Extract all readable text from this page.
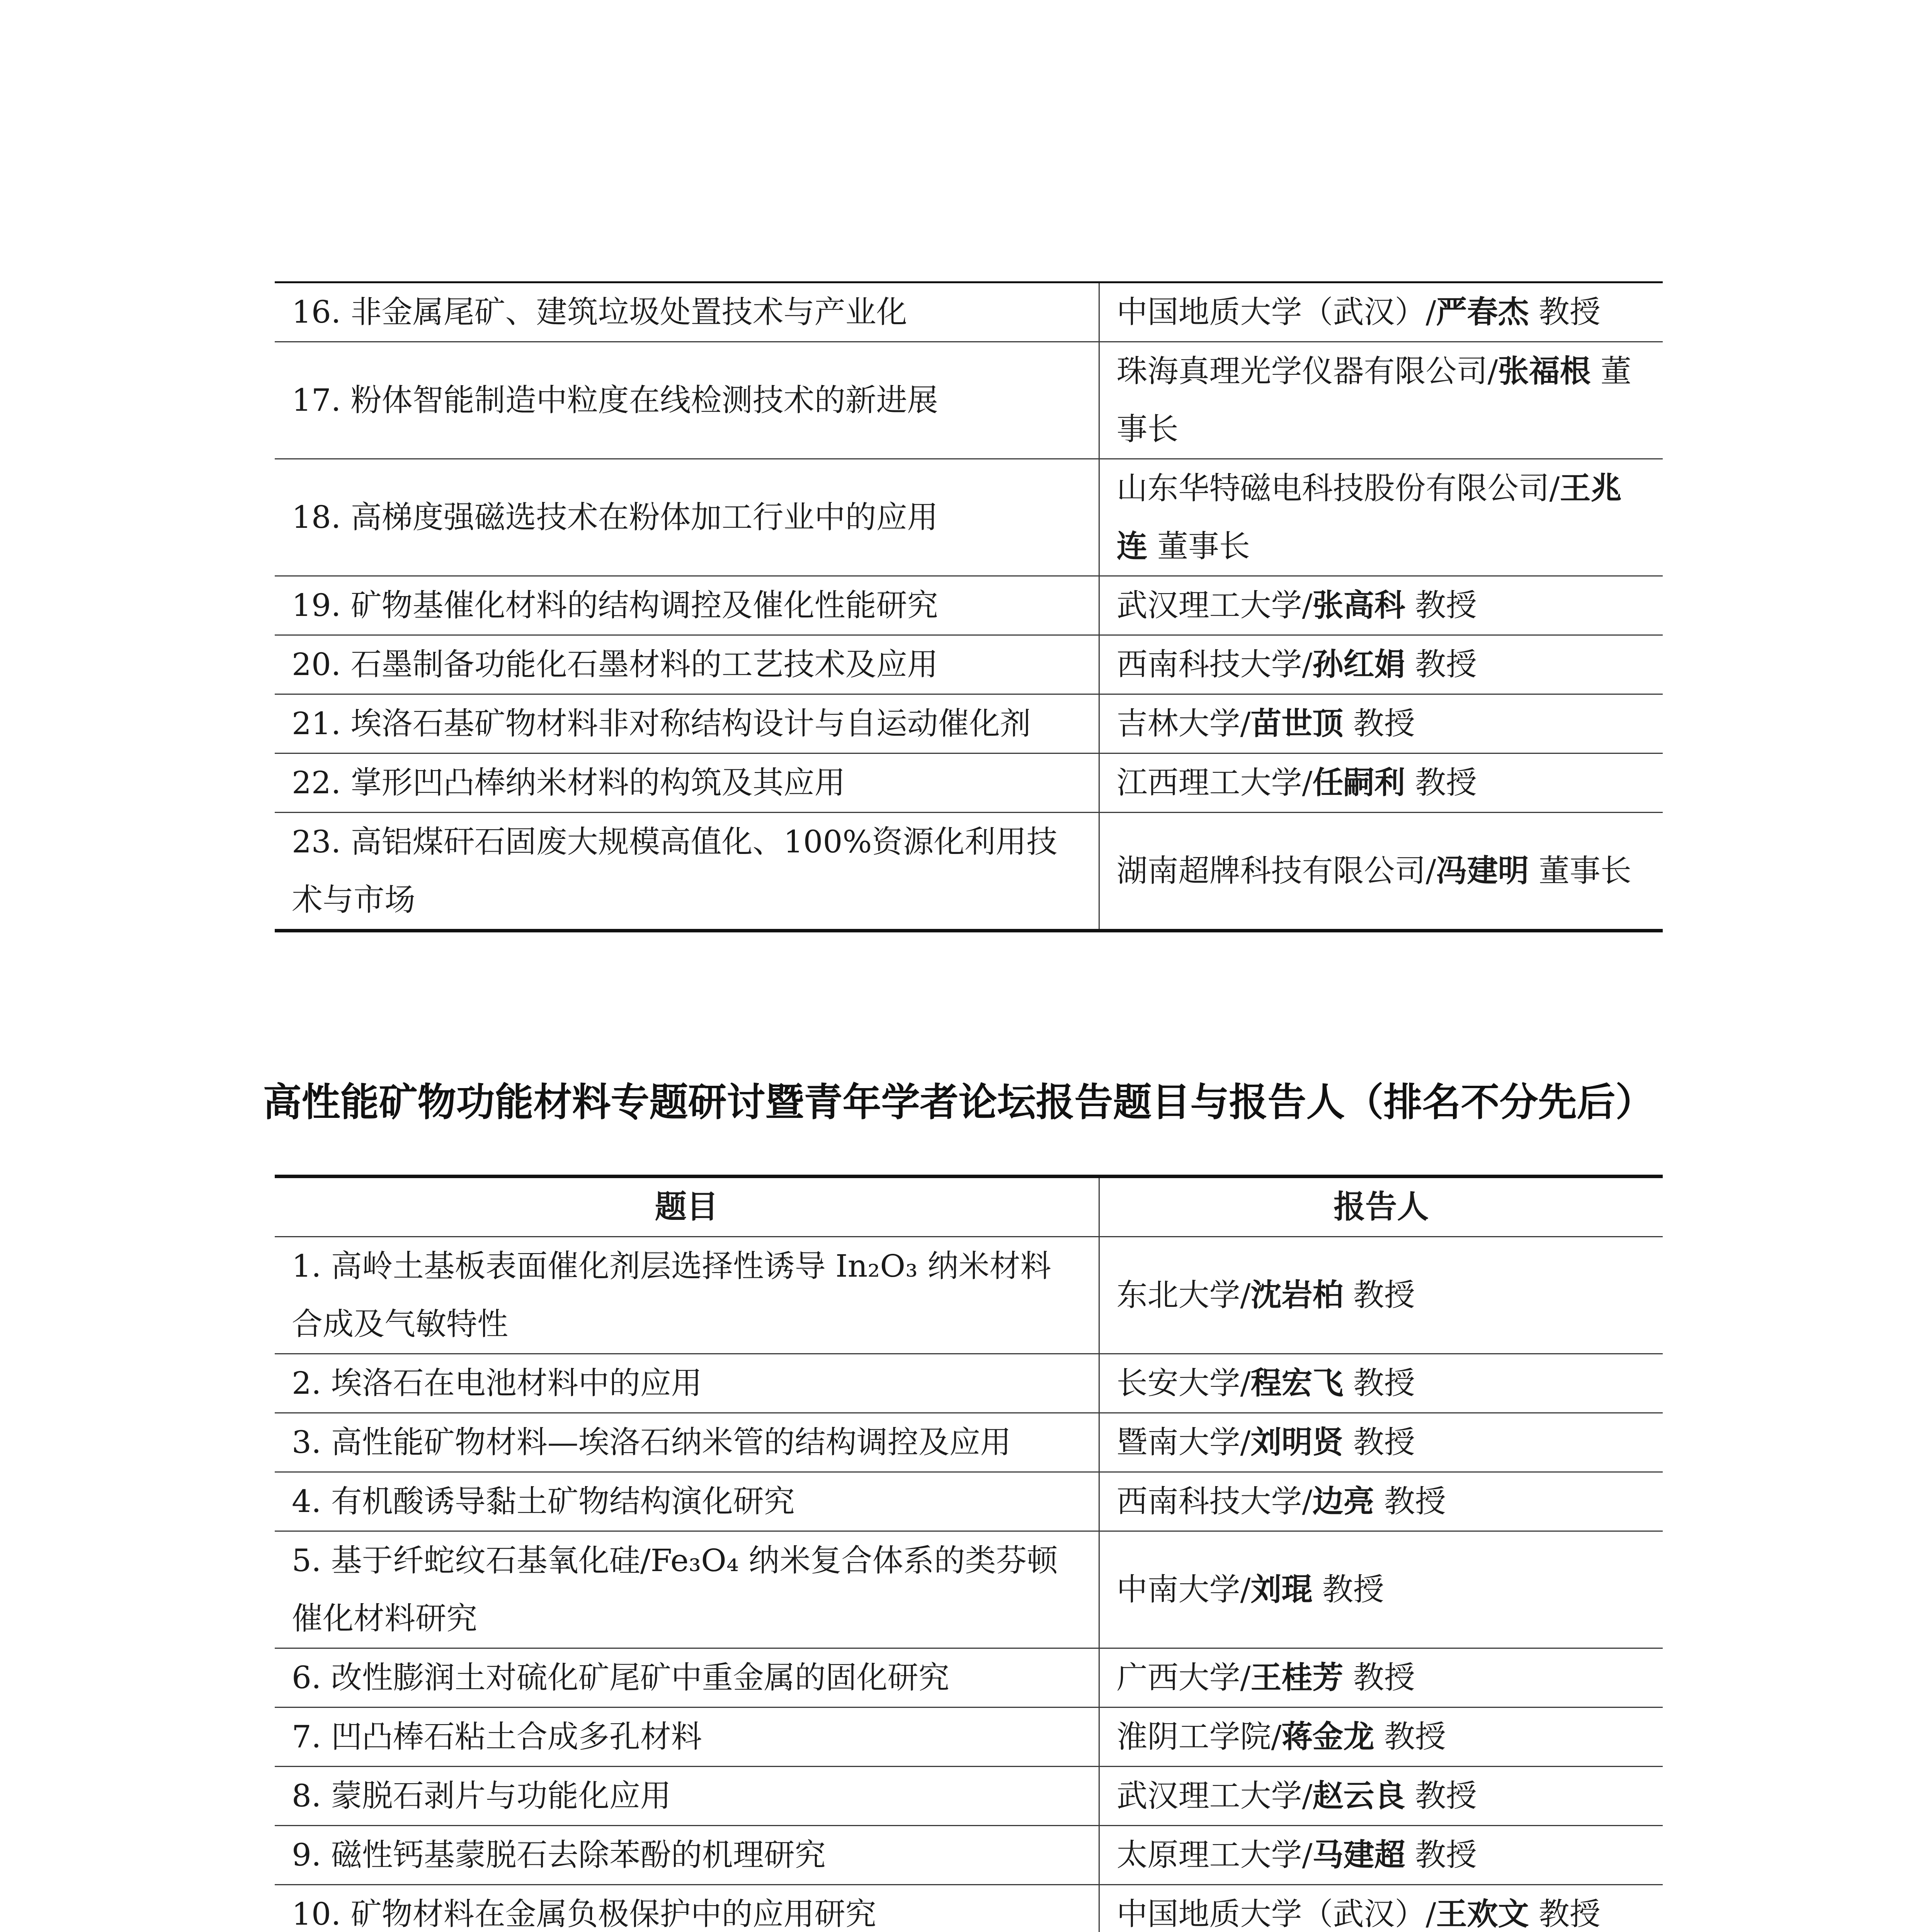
16. 非金属尾矿、建筑垃圾处置技术与产业化	中国地质大学（武汉）/严春杰 教授
17. 粉体智能制造中粒度在线检测技术的新进展	珠海真理光学仪器有限公司/张福根 董事长
18. 高梯度强磁选技术在粉体加工行业中的应用	山东华特磁电科技股份有限公司/王兆连 董事长
19. 矿物基催化材料的结构调控及催化性能研究	武汉理工大学/张高科 教授
20. 石墨制备功能化石墨材料的工艺技术及应用	西南科技大学/孙红娟 教授
21. 埃洛石基矿物材料非对称结构设计与自运动催化剂	吉林大学/苗世顶 教授
22. 掌形凹凸棒纳米材料的构筑及其应用	江西理工大学/任嗣利 教授
23. 高铝煤矸石固废大规模高值化、100%资源化利用技术与市场	湖南超牌科技有限公司/冯建明 董事长
高性能矿物功能材料专题研讨暨青年学者论坛报告题目与报告人（排名不分先后）
题目	报告人
1. 高岭土基板表面催化剂层选择性诱导 In₂O₃ 纳米材料合成及气敏特性	东北大学/沈岩柏 教授
2. 埃洛石在电池材料中的应用	长安大学/程宏飞 教授
3. 高性能矿物材料—埃洛石纳米管的结构调控及应用	暨南大学/刘明贤 教授
4. 有机酸诱导黏土矿物结构演化研究	西南科技大学/边亮 教授
5. 基于纤蛇纹石基氧化硅/Fe₃O₄ 纳米复合体系的类芬顿催化材料研究	中南大学/刘琨 教授
6. 改性膨润土对硫化矿尾矿中重金属的固化研究	广西大学/王桂芳 教授
7. 凹凸棒石粘土合成多孔材料	淮阴工学院/蒋金龙 教授
8. 蒙脱石剥片与功能化应用	武汉理工大学/赵云良 教授
9. 磁性钙基蒙脱石去除苯酚的机理研究	太原理工大学/马建超 教授
10. 矿物材料在金属负极保护中的应用研究	中国地质大学（武汉）/王欢文 教授
